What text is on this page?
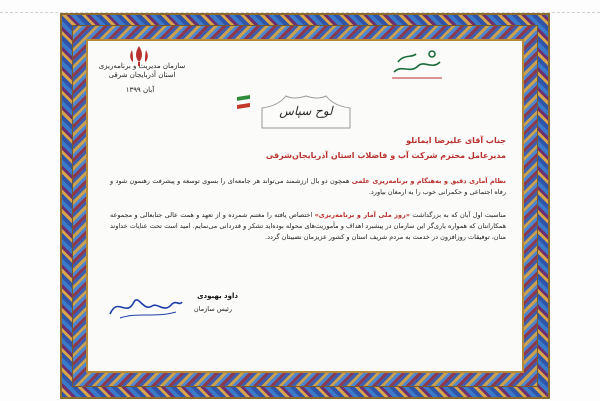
سازمان مدیریت و برنامه‌ریزی استان آذربایجان شرقی
آبان ۱۳۹۹
لوح سپاس
جناب آقای علیرضا ایمانلو
مدیرعامل محترم شرکت آب و فاضلاب استان آذربایجان‌شرقی
نظام آماری دقیق و به‌هنگام و برنامه‌ریزی علمی همچون دو بال ارزشمند می‌تواند هر جامعه‌ای را بسوی توسعه و پیشرفت رهنمون شود و رفاه اجتماعی و حکمرانی خوب را به ارمغان بیاورد.
مناسبت اول آبان که به بزرگداشت «روز ملی آمار و برنامه‌ریزی» اختصاص یافته را مغتنم شمرده و از تعهد و همت عالی جنابعالی و مجموعه همکارانتان که همواره یاری‌گر این سازمان در پیشبرد اهداف و مأموریت‌های محوله بوده‌اید تشکر و قدردانی می‌نمایم. امید است تحت عنایات خداوند منان، توفیقات روزافزون در خدمت به مردم شریف استان و کشور عزیزمان نصیبتان گردد.
داود بهبودی
رئیس سازمان
